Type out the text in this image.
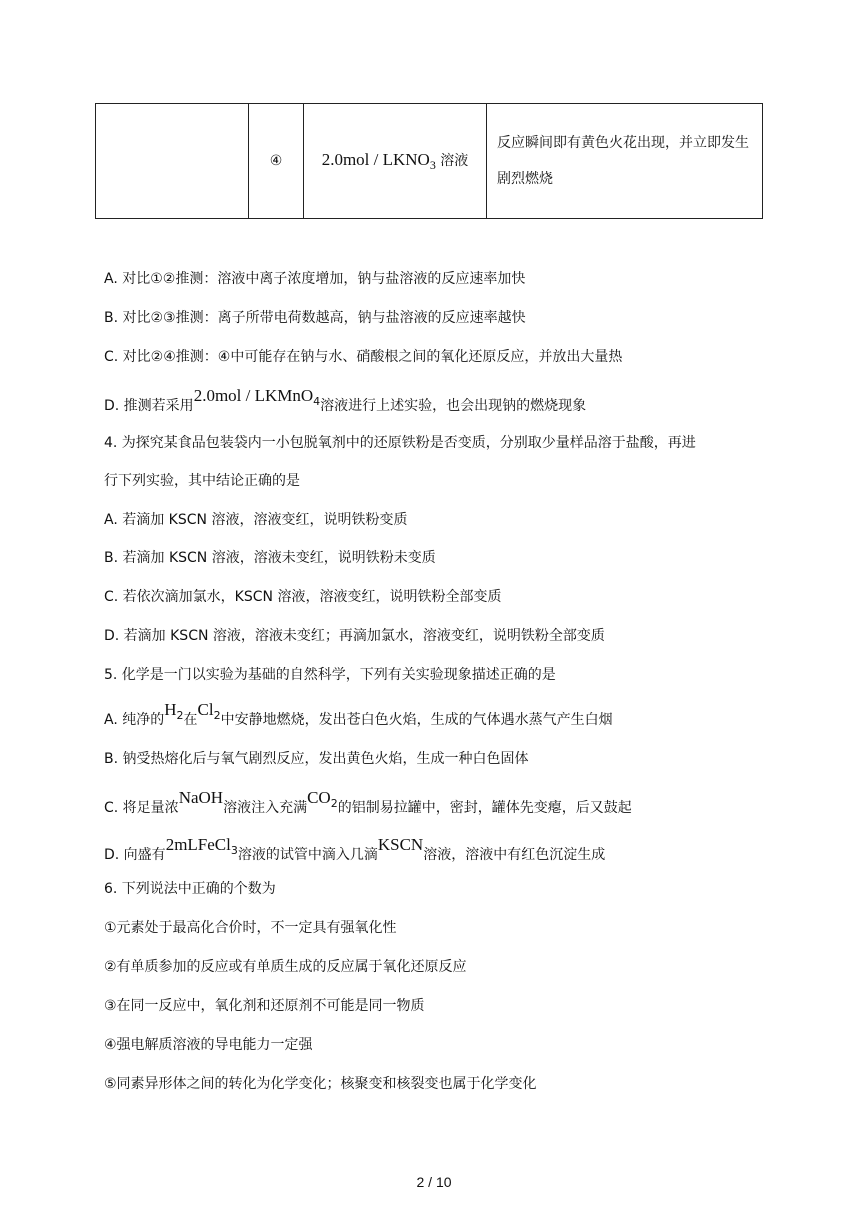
	④	$2.0mol / LKNO_3$ 溶液	反应瞬间即有黄色火花出现，并立即发生剧烈燃烧
A. 对比①②推测：溶液中离子浓度增加，钠与盐溶液的反应速率加快
B. 对比②③推测：离子所带电荷数越高，钠与盐溶液的反应速率越快
C. 对比②④推测：④中可能存在钠与水、硝酸根之间的氧化还原反应，并放出大量热
D. 推测若采用2.0mol / LKMnO$_4$溶液进行上述实验，也会出现钠的燃烧现象
4. 为探究某食品包装袋内一小包脱氧剂中的还原铁粉是否变质，分别取少量样品溶于盐酸，再进
行下列实验，其中结论正确的是
A. 若滴加 KSCN 溶液，溶液变红，说明铁粉变质
B. 若滴加 KSCN 溶液，溶液未变红，说明铁粉未变质
C. 若依次滴加氯水，KSCN 溶液，溶液变红，说明铁粉全部变质
D. 若滴加 KSCN 溶液，溶液未变红；再滴加氯水，溶液变红，说明铁粉全部变质
5. 化学是一门以实验为基础的自然科学，下列有关实验现象描述正确的是
A. 纯净的$H_2$在$Cl_2$中安静地燃烧，发出苍白色火焰，生成的气体遇水蒸气产生白烟
B. 钠受热熔化后与氧气剧烈反应，发出黄色火焰，生成一种白色固体
C. 将足量浓NaOH溶液注入充满$CO_2$的铝制易拉罐中，密封，罐体先变瘪，后又鼓起
D. 向盛有2mLFeCl$_3$溶液的试管中滴入几滴KSCN溶液，溶液中有红色沉淀生成
6. 下列说法中正确的个数为
①元素处于最高化合价时，不一定具有强氧化性
②有单质参加的反应或有单质生成的反应属于氧化还原反应
③在同一反应中，氧化剂和还原剂不可能是同一物质
④强电解质溶液的导电能力一定强
⑤同素异形体之间的转化为化学变化；核聚变和核裂变也属于化学变化
2 / 10
